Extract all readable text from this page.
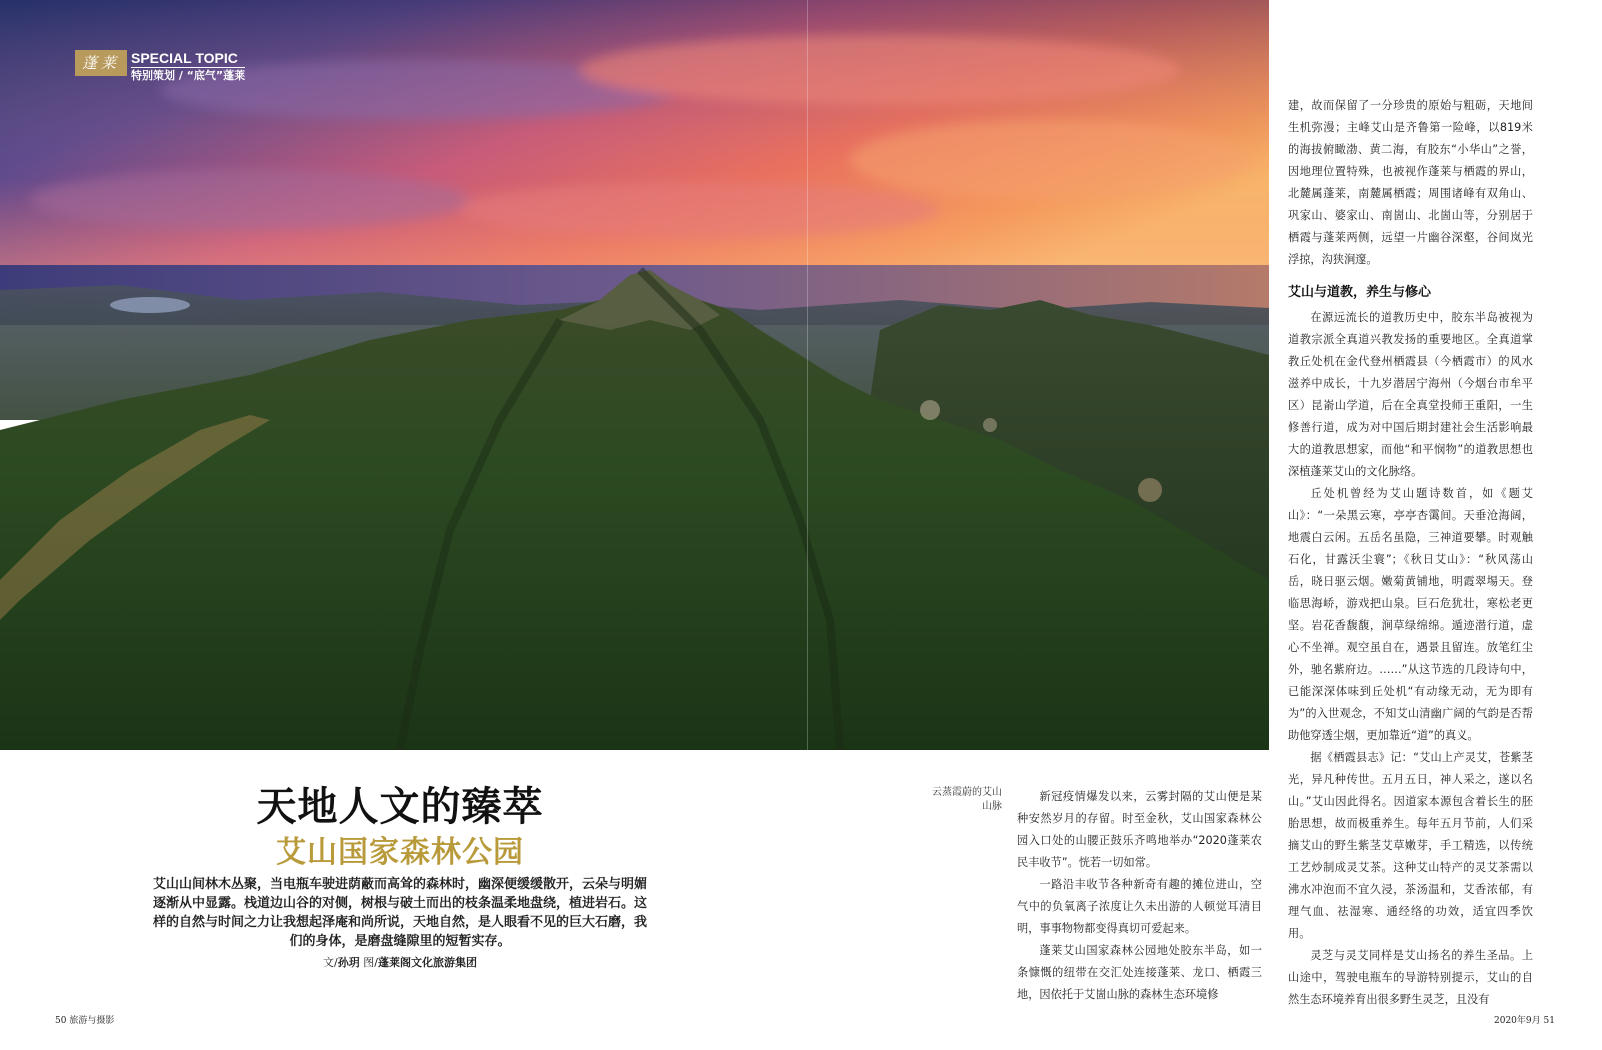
蓬莱 SPECIAL TOPIC
特别策划 / “底气”蓬莱
天地人文的臻萃
艾山国家森林公园
艾山山间林木丛聚，当电瓶车驶进荫蔽而高耸的森林时，幽深便缓缓散开，云朵与明媚逐渐从中显露。栈道边山谷的对侧，树根与破土而出的枝条温柔地盘绕，植进岩石。这样的自然与时间之力让我想起泽庵和尚所说，天地自然，是人眼看不见的巨大石磨，我们的身体，是磨盘缝隙里的短暂实存。
文/孙玥 图/蓬莱阁文化旅游集团
云蒸霞蔚的艾山山脉

新冠疫情爆发以来，云雾封隔的艾山便是某种安然岁月的存留。时至金秋，艾山国家森林公园入口处的山腰正鼓乐齐鸣地举办“2020蓬莱农民丰收节”。恍若一切如常。

一路沿丰收节各种新奇有趣的摊位进山，空气中的负氧离子浓度让久未出游的人顿觉耳清目明，事事物物都变得真切可爱起来。

蓬莱艾山国家森林公园地处胶东半岛，如一条慷慨的纽带在交汇处连接蓬莱、龙口、栖霞三地，因依托于艾崮山脉的森林生态环境修

建，故而保留了一分珍贵的原始与粗砺，天地间生机弥漫；主峰艾山是齐鲁第一险峰，以819米的海拔俯瞰渤、黄二海，有胶东“小华山”之誉，因地理位置特殊，也被视作蓬莱与栖霞的界山，北麓属蓬莱，南麓属栖霞；周围诸峰有双角山、巩家山、婆家山、南崮山、北崮山等，分别居于栖霞与蓬莱两侧，远望一片幽谷深壑，谷间岚光浮掠，沟狭涧邃。

艾山与道教，养生与修心

在源远流长的道教历史中，胶东半岛被视为道教宗派全真道兴教发扬的重要地区。全真道掌教丘处机在金代登州栖霞县（今栖霞市）的风水滋养中成长，十九岁潜居宁海州（今烟台市牟平区）昆嵛山学道，后在全真堂投师王重阳，一生修善行道，成为对中国后期封建社会生活影响最大的道教思想家，而他“和平悯物”的道教思想也深植蓬莱艾山的文化脉络。

丘处机曾经为艾山题诗数首，如《题艾山》：“一朵黑云寒，亭亭杏霭间。天垂沧海阔，地震白云闲。五岳名虽隐，三神道要攀。时观触石化，甘露沃尘寰”；《秋日艾山》：“秋风荡山岳，晓日驱云烟。嫩菊黄铺地，明霞翠埸天。登临思海峤，游戏把山泉。巨石危犹壮，寒松老更坚。岩花香馥馥，涧草绿绵绵。遁迹潜行道，虚心不坐禅。观空虽自在，遇景且留连。放笔红尘外，驰名紫府边。……”从这节选的几段诗句中，已能深深体味到丘处机“有动缘无动，无为即有为”的入世观念，不知艾山清幽广阔的气韵是否帮助他穿透尘烟，更加靠近“道”的真义。

据《栖霞县志》记：“艾山上产灵艾，苍紫茎光，异凡种传世。五月五日，神人采之，遂以名山。”艾山因此得名。因道家本源包含着长生的胚胎思想，故而极重养生。每年五月节前，人们采摘艾山的野生紫茎艾草嫩芽，手工精选，以传统工艺炒制成灵艾茶。这种艾山特产的灵艾茶需以沸水冲泡而不宜久浸，茶汤温和，艾香浓郁，有理气血、祛湿寒、通经络的功效，适宜四季饮用。

灵芝与灵艾同样是艾山扬名的养生圣品。上山途中，驾驶电瓶车的导游特别提示，艾山的自然生态环境养育出很多野生灵芝，且没有

50 旅游与摄影	2020年9月 51
